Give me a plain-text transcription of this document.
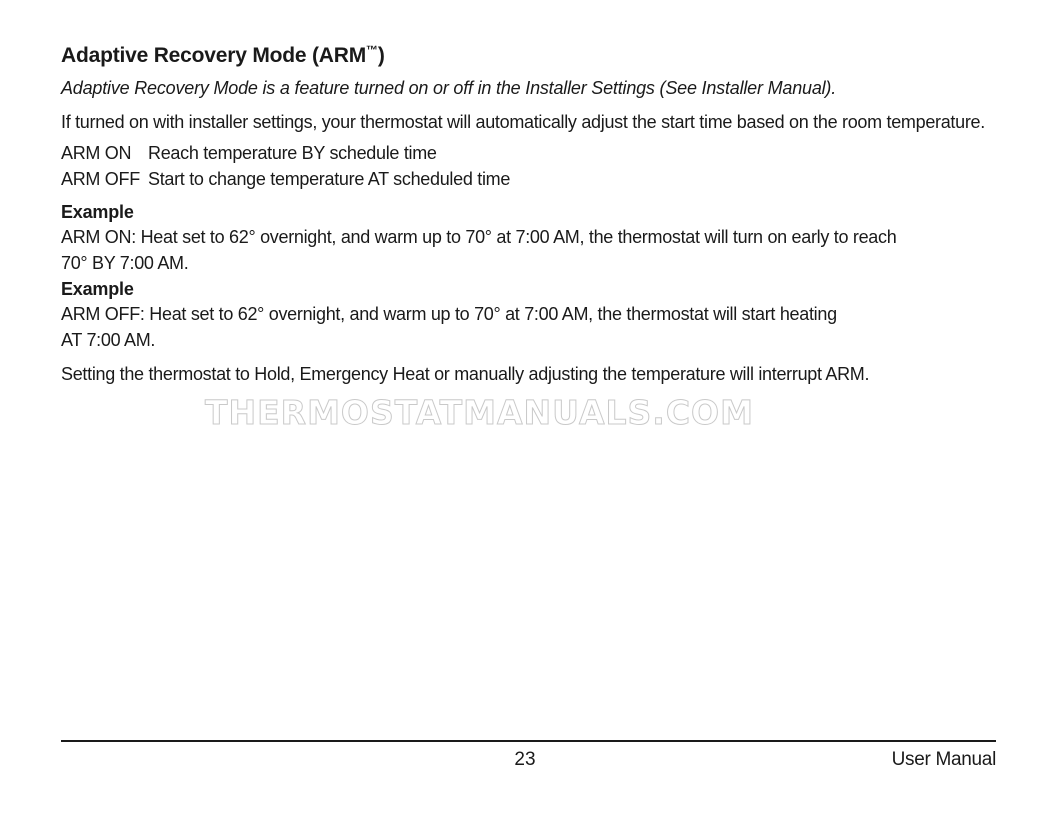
Adaptive Recovery Mode (ARM™)

Adaptive Recovery Mode is a feature turned on or off in the Installer Settings (See Installer Manual).

If turned on with installer settings, your thermostat will automatically adjust the start time based on the room temperature.

ARM ON	Reach temperature BY schedule time
ARM OFF	Start to change temperature AT scheduled time

Example

ARM ON: Heat set to 62° overnight, and warm up to 70° at 7:00 AM, the thermostat will turn on early to reach
70° BY 7:00 AM.

Example

ARM OFF: Heat set to 62° overnight, and warm up to 70° at 7:00 AM, the thermostat will start heating
AT 7:00 AM.

Setting the thermostat to Hold, Emergency Heat or manually adjusting the temperature will interrupt ARM.

THERMOSTATMANUALS.COM
23	User Manual
